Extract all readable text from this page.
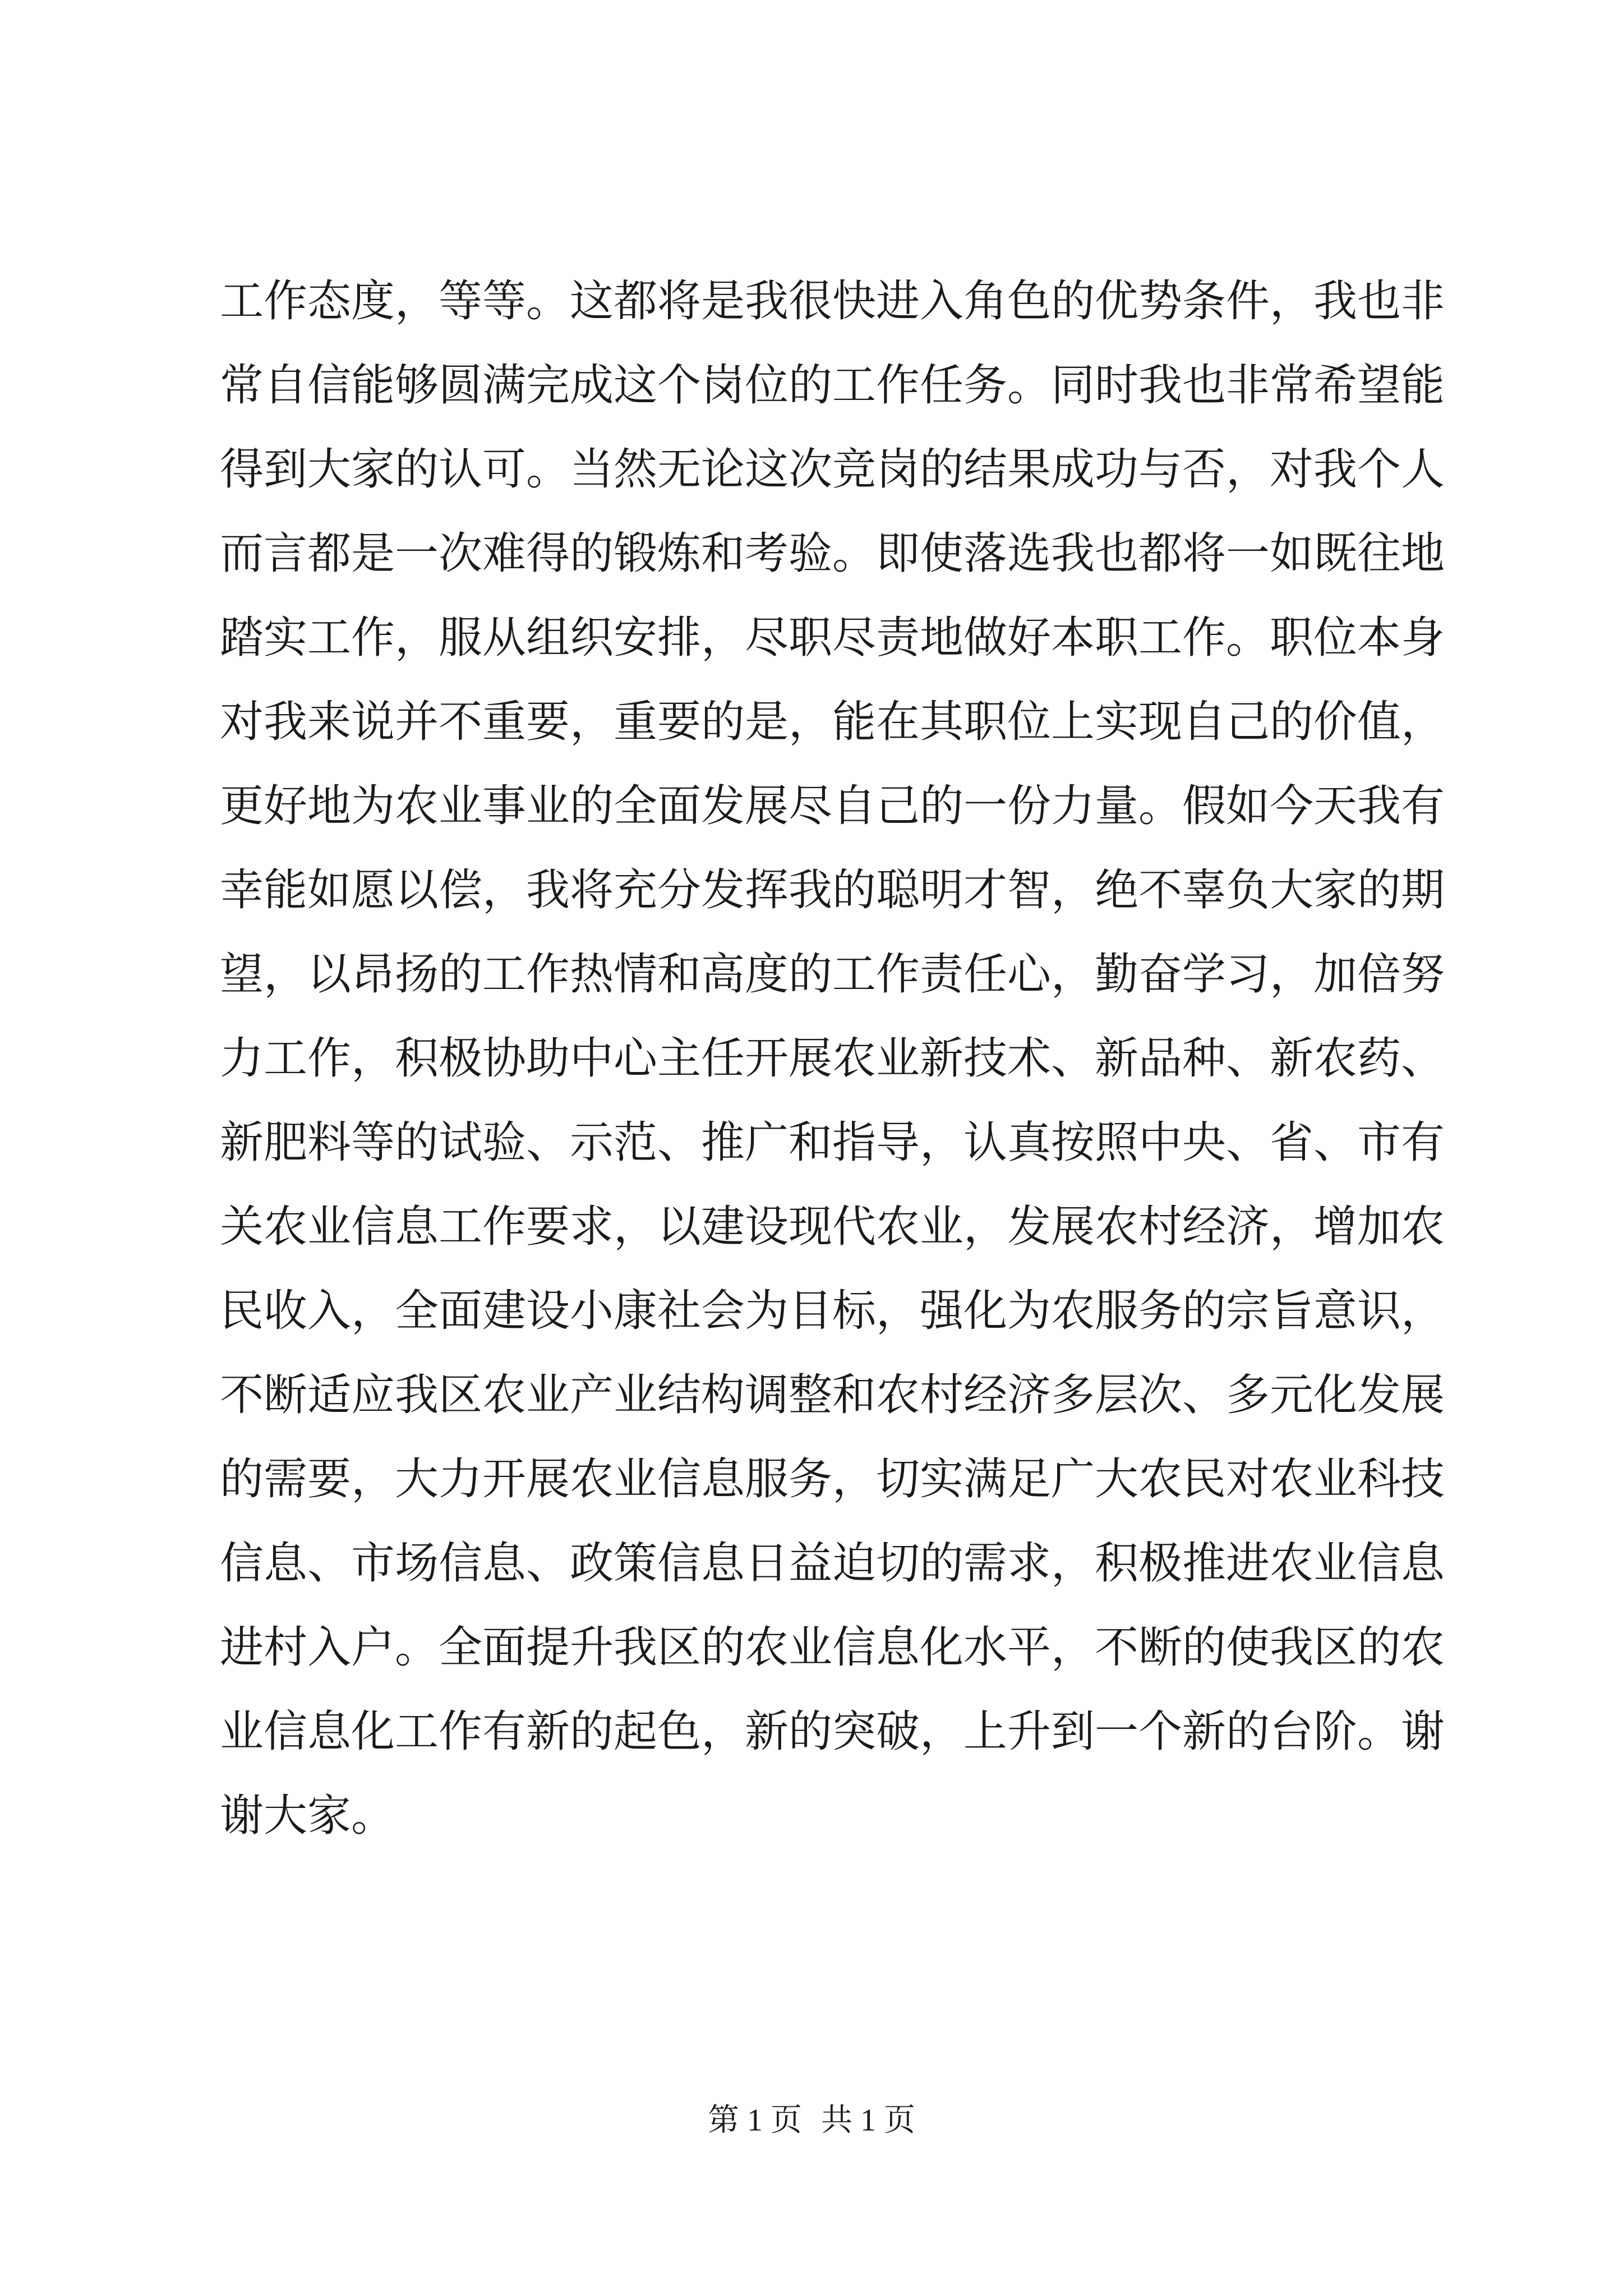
工作态度，等等。这都将是我很快进入角色的优势条件，我也非
常自信能够圆满完成这个岗位的工作任务。同时我也非常希望能
得到大家的认可。当然无论这次竞岗的结果成功与否，对我个人
而言都是一次难得的锻炼和考验。即使落选我也都将一如既往地
踏实工作，服从组织安排，尽职尽责地做好本职工作。职位本身
对我来说并不重要，重要的是，能在其职位上实现自己的价值，
更好地为农业事业的全面发展尽自己的一份力量。假如今天我有
幸能如愿以偿，我将充分发挥我的聪明才智，绝不辜负大家的期
望，以昂扬的工作热情和高度的工作责任心，勤奋学习，加倍努
力工作，积极协助中心主任开展农业新技术、新品种、新农药、
新肥料等的试验、示范、推广和指导，认真按照中央、省、市有
关农业信息工作要求，以建设现代农业，发展农村经济，增加农
民收入，全面建设小康社会为目标，强化为农服务的宗旨意识，
不断适应我区农业产业结构调整和农村经济多层次、多元化发展
的需要，大力开展农业信息服务，切实满足广大农民对农业科技
信息、市场信息、政策信息日益迫切的需求，积极推进农业信息
进村入户。全面提升我区的农业信息化水平，不断的使我区的农
业信息化工作有新的起色，新的突破，上升到一个新的台阶。谢
谢大家。
第 1 页 共 1 页
